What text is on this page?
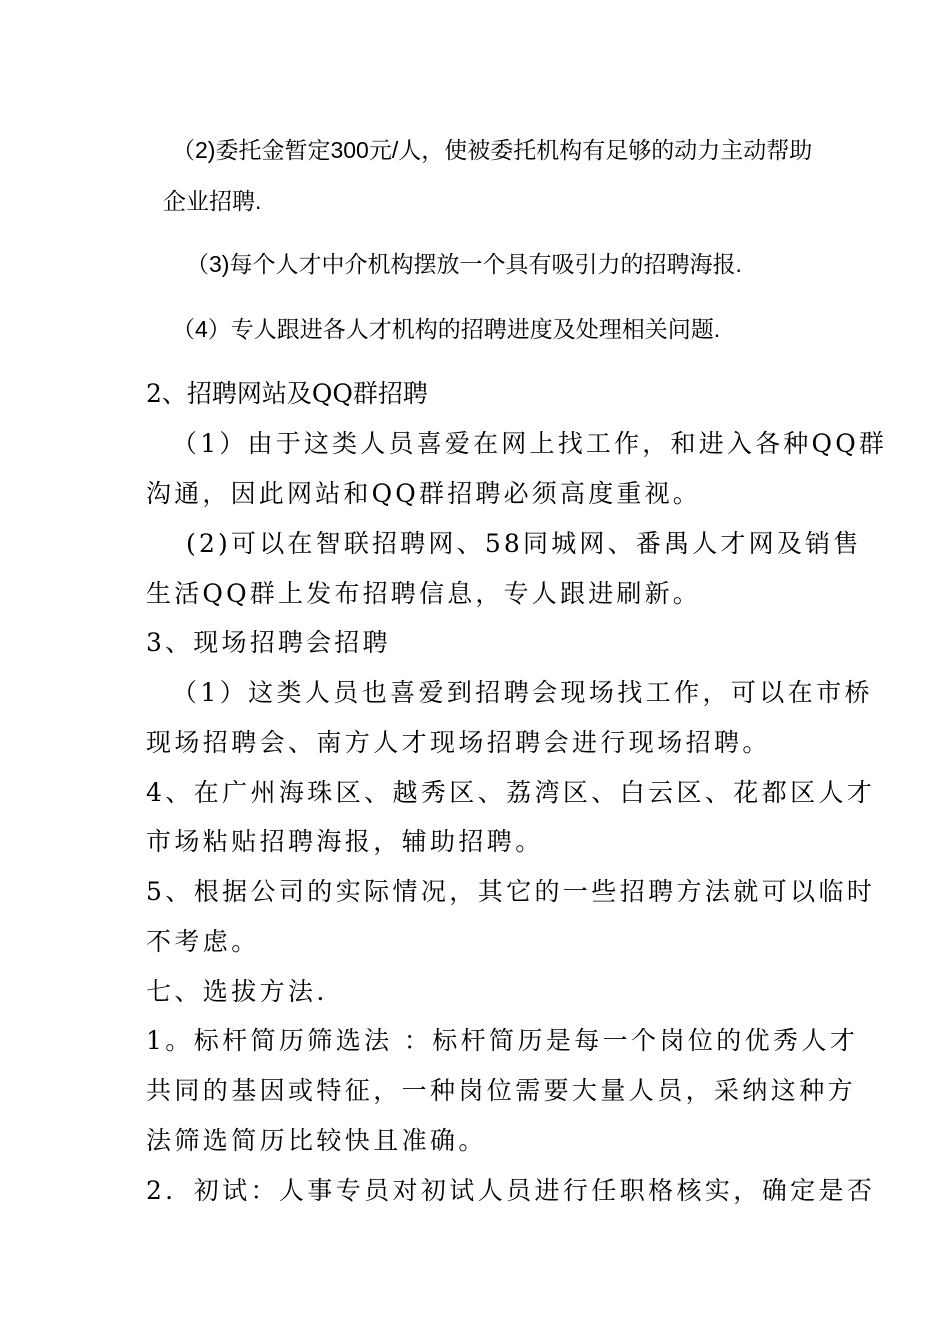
（2)委托金暂定300元/人，使被委托机构有足够的动力主动帮助
企业招聘.
（3)每个人才中介机构摆放一个具有吸引力的招聘海报.
（4）专人跟进各人才机构的招聘进度及处理相关问题.
2、招聘网站及QQ群招聘
（1）由于这类人员喜爱在网上找工作，和进入各种QQ群
沟通，因此网站和QQ群招聘必须高度重视。
(2)可以在智联招聘网、58同城网、番禺人才网及销售
生活QQ群上发布招聘信息，专人跟进刷新。
3、现场招聘会招聘
（1）这类人员也喜爱到招聘会现场找工作，可以在市桥
现场招聘会、南方人才现场招聘会进行现场招聘。
4、在广州海珠区、越秀区、荔湾区、白云区、花都区人才
市场粘贴招聘海报，辅助招聘。
5、根据公司的实际情况，其它的一些招聘方法就可以临时
不考虑。
七、选拔方法.
1。标杆简历筛选法 ：标杆简历是每一个岗位的优秀人才
共同的基因或特征，一种岗位需要大量人员，采纳这种方
法筛选简历比较快且准确。
2．初试：人事专员对初试人员进行任职格核实，确定是否
